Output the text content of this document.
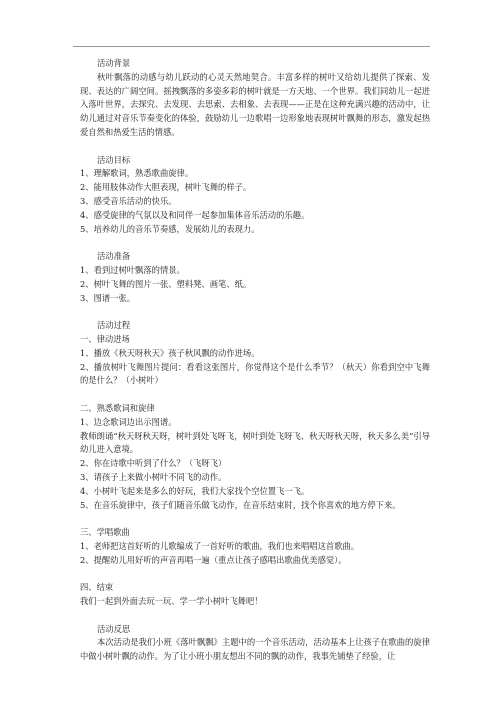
活动背景
秋叶飘落的动感与幼儿跃动的心灵天然地契合。丰富多样的树叶又给幼儿提供了探索、发现、表达的广阔空间。摇拽飘落的多姿多彩的树叶就是一方天地、一个世界。我们同幼儿一起进入落叶世界，去探究、去发现、去思索、去相象、去表现——正是在这种充满兴趣的活动中，让幼儿通过对音乐节奏变化的体验，鼓励幼儿一边歌唱一边形象地表现树叶飘舞的形态，激发起热爱自然和热爱生活的情感。
活动目标
1、理解歌词，熟悉歌曲旋律。
2、能用肢体动作大胆表现，树叶飞舞的样子。
3、感受音乐活动的快乐。
4、感受旋律的气氛以及和同伴一起参加集体音乐活动的乐趣。
5、培养幼儿的音乐节奏感，发展幼儿的表现力。
活动准备
1、看到过树叶飘落的情景。
2、树叶飞舞的图片一张、塑料凳、画笔、纸。
3、图谱一张。
活动过程
一、律动进场
1、播放《秋天呀秋天》孩子秋风飘的动作进场。
2、播放树叶飞舞图片提问：看看这张图片，你觉得这个是什么季节？（秋天）你看到空中飞舞的是什么？（小树叶）
二、熟悉歌词和旋律
1、边念歌词边出示图谱。
教师朗诵“秋天呀秋天呀，树叶到处飞呀飞，树叶到处飞呀飞、秋天呀秋天呀，秋天多么美”引导幼儿进入意境。
2、你在诗歌中听到了什么？（飞呀飞）
3、请孩子上来做小树叶不同飞的动作。
4、小树叶飞起来是多么的好玩，我们大家找个空位置飞一飞。
5、在音乐旋律中，孩子们随音乐做飞动作，在音乐结束时，找个你喜欢的地方停下来。
三、学唱歌曲
1、老师把这首好听的儿歌编成了一首好听的歌曲，我们也来唱唱这首歌曲。
2、提醒幼儿用好听的声音再唱一遍（重点让孩子感唱出歌曲优美感觉）。
四、结束
我们一起到外面去玩一玩、学一学小树叶飞舞吧！
活动反思
本次活动是我们小班《落叶飘飘》主题中的一个音乐活动，活动基本上让孩子在歌曲的旋律中做小树叶飘的动作。为了让小班小朋友想出不同的飘的动作，我事先铺垫了经验，让
